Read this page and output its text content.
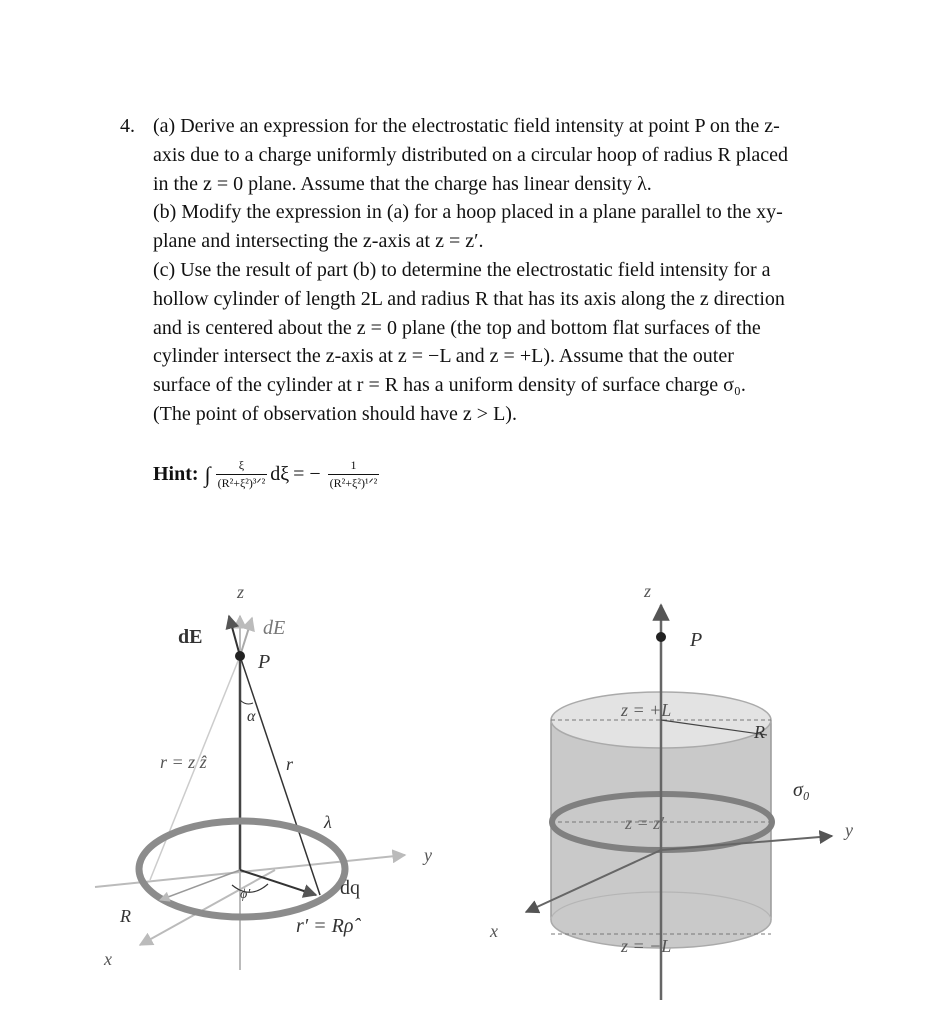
4. (a) Derive an expression for the electrostatic field intensity at point P on the z-
axis due to a charge uniformly distributed on a circular hoop of radius R placed
in the z = 0 plane. Assume that the charge has linear density λ.
(b) Modify the expression in (a) for a hoop placed in a plane parallel to the xy-
plane and intersecting the z-axis at z = z′.
(c) Use the result of part (b) to determine the electrostatic field intensity for a
hollow cylinder of length 2L and radius R that has its axis along the z direction
and is centered about the z = 0 plane (the top and bottom flat surfaces of the
cylinder intersect the z-axis at z = −L and z = +L). Assume that the outer
surface of the cylinder at r = R has a uniform density of surface charge σ₀.
(The point of observation should have z > L).
Hint: ∫ $\frac{\xi}{\text{(R²+ξ²)³ᐟ²}}$ dξ = − $\frac{1}{\text{(R²+ξ²)¹ᐟ²}}$
z
dE	dE
P
α
r = z ẑ	r
λ
ϕ′	dq
r′ = Rρ̂
y
R
x
z
P
z = +L
R
σ₀
z = z′	y
x
z = −L
